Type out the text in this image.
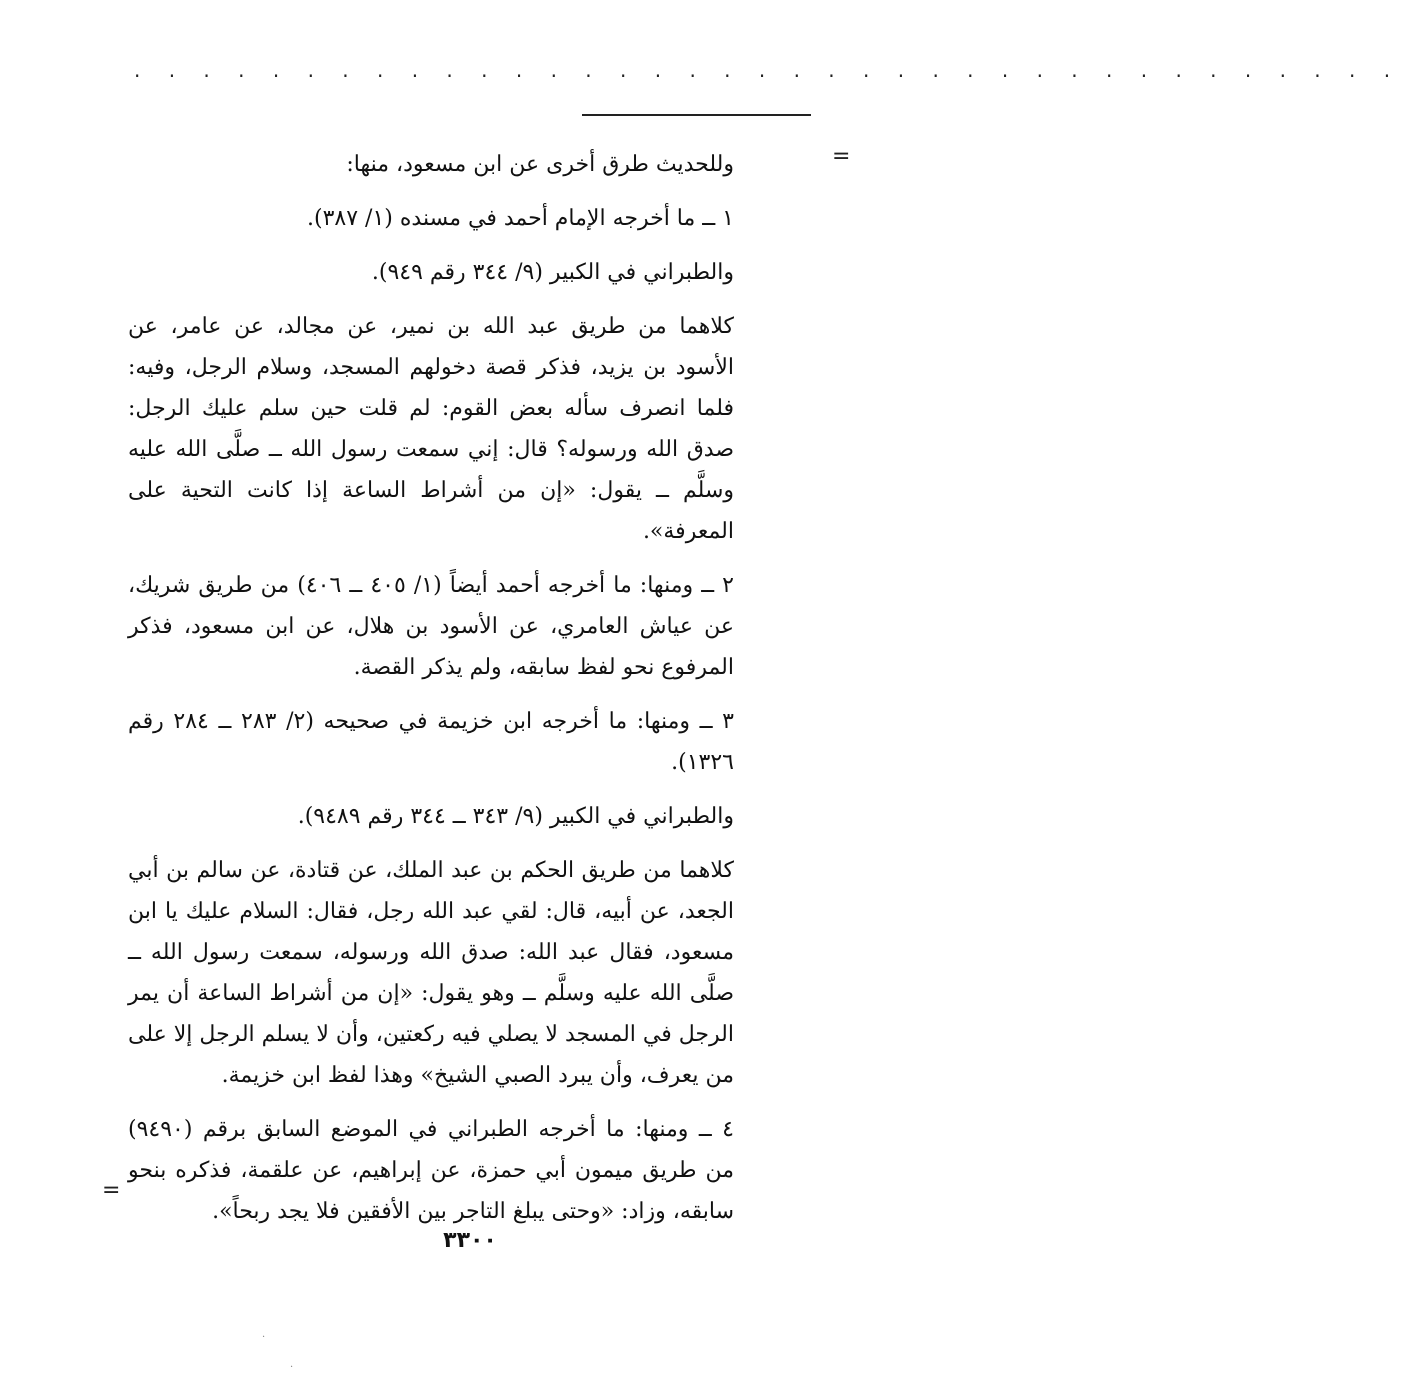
· · · · · · · · · · · · · · · · · · · · · · · · · · · · · · · · · · · · ·
=

وللحديث طرق أخرى عن ابن مسعود، منها:

١ ــ ما أخرجه الإمام أحمد في مسنده (١/ ٣٨٧).

والطبراني في الكبير (٩/ ٣٤٤ رقم ٩٤٩).

كلاهما من طريق عبد الله بن نمير، عن مجالد، عن عامر، عن الأسود بن يزيد، فذكر قصة دخولهم المسجد، وسلام الرجل، وفيه: فلما انصرف سأله بعض القوم: لم قلت حين سلم عليك الرجل: صدق الله ورسوله؟ قال: إني سمعت رسول الله ــ صلَّى الله عليه وسلَّم ــ يقول: «إن من أشراط الساعة إذا كانت التحية على المعرفة».

٢ ــ ومنها: ما أخرجه أحمد أيضاً (١/ ٤٠٥ ــ ٤٠٦) من طريق شريك، عن عياش العامري، عن الأسود بن هلال، عن ابن مسعود، فذكر المرفوع نحو لفظ سابقه، ولم يذكر القصة.

٣ ــ ومنها: ما أخرجه ابن خزيمة في صحيحه (٢/ ٢٨٣ ــ ٢٨٤ رقم ١٣٢٦).

والطبراني في الكبير (٩/ ٣٤٣ ــ ٣٤٤ رقم ٩٤٨٩).

كلاهما من طريق الحكم بن عبد الملك، عن قتادة، عن سالم بن أبي الجعد، عن أبيه، قال: لقي عبد الله رجل، فقال: السلام عليك يا ابن مسعود، فقال عبد الله: صدق الله ورسوله، سمعت رسول الله ــ صلَّى الله عليه وسلَّم ــ وهو يقول: «إن من أشراط الساعة أن يمر الرجل في المسجد لا يصلي فيه ركعتين، وأن لا يسلم الرجل إلا على من يعرف، وأن يبرد الصبي الشيخ» وهذا لفظ ابن خزيمة.

٤ ــ ومنها: ما أخرجه الطبراني في الموضع السابق برقم (٩٤٩٠) من طريق ميمون أبي حمزة، عن إبراهيم، عن علقمة، فذكره بنحو سابقه، وزاد: «وحتى يبلغ التاجر بين الأفقين فلا يجد ربحاً».

=
٣٣٠٠
·
·
